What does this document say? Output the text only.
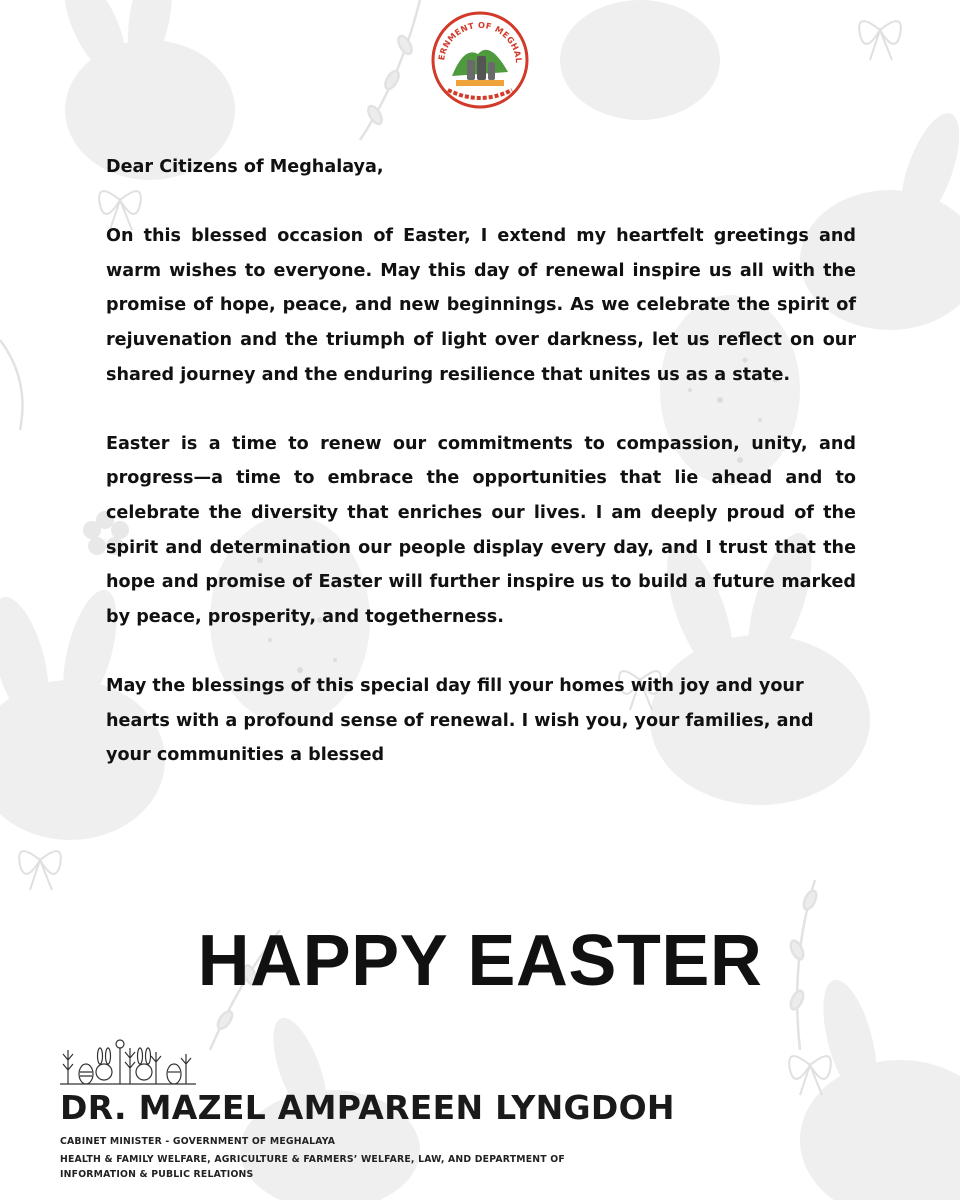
ERNMENT OF MEGHAL

Dear Citizens of Meghalaya,

On this blessed occasion of Easter, I extend my heartfelt greetings and warm wishes to everyone. May this day of renewal inspire us all with the promise of hope, peace, and new beginnings. As we celebrate the spirit of rejuvenation and the triumph of light over darkness, let us reflect on our shared journey and the enduring resilience that unites us as a state.

Easter is a time to renew our commitments to compassion, unity, and progress—a time to embrace the opportunities that lie ahead and to celebrate the diversity that enriches our lives. I am deeply proud of the spirit and determination our people display every day, and I trust that the hope and promise of Easter will further inspire us to build a future marked by peace, prosperity, and togetherness.

May the blessings of this special day fill your homes with joy and your hearts with a profound sense of renewal. I wish you, your families, and your communities a blessed

HAPPY EASTER
DR. MAZEL AMPAREEN LYNGDOH
CABINET MINISTER - GOVERNMENT OF MEGHALAYA
HEALTH & FAMILY WELFARE, AGRICULTURE & FARMERS’ WELFARE, LAW, AND DEPARTMENT OF INFORMATION & PUBLIC RELATIONS
